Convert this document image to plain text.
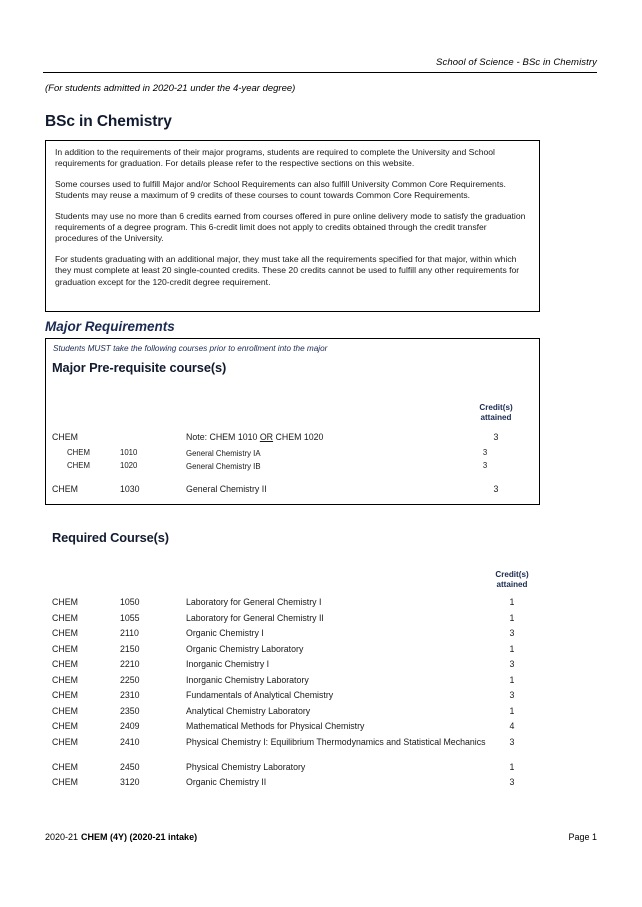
School of Science - BSc in Chemistry
(For students admitted in 2020-21 under the 4-year degree)
BSc in Chemistry

In addition to the requirements of their major programs, students are required to complete the University and School requirements for graduation. For details please refer to the respective sections on this website.

Some courses used to fulfill Major and/or School Requirements can also fulfill University Common Core Requirements. Students may reuse a maximum of 9 credits of these courses to count towards Common Core Requirements.

Students may use no more than 6 credits earned from courses offered in pure online delivery mode to satisfy the graduation requirements of a degree program. This 6-credit limit does not apply to credits obtained through the credit transfer procedures of the University.

For students graduating with an additional major, they must take all the requirements specified for that major, within which they must complete at least 20 single-counted credits. These 20 credits cannot be used to fulfill any other requirements for graduation except for the 120-credit degree requirement.

Major Requirements
Students MUST take the following courses prior to enrollment into the major
Major Pre-requisite course(s)
Credit(s)
attained
CHEM	Note: CHEM 1010 OR CHEM 1020	3
CHEM	1010	General Chemistry IA	3
CHEM	1020	General Chemistry IB	3
CHEM	1030	General Chemistry II	3
Required Course(s)
Credit(s)
attained
CHEM	1050	Laboratory for General Chemistry I	1
CHEM	1055	Laboratory for General Chemistry II	1
CHEM	2110	Organic Chemistry I	3
CHEM	2150	Organic Chemistry Laboratory	1
CHEM	2210	Inorganic Chemistry I	3
CHEM	2250	Inorganic Chemistry Laboratory	1
CHEM	2310	Fundamentals of Analytical Chemistry	3
CHEM	2350	Analytical Chemistry Laboratory	1
CHEM	2409	Mathematical Methods for Physical Chemistry	4
CHEM	2410	Physical Chemistry I: Equilibrium Thermodynamics and Statistical Mechanics	3
CHEM	2450	Physical Chemistry Laboratory	1
CHEM	3120	Organic Chemistry II	3
2020-21 CHEM (4Y) (2020-21 intake)	Page 1
